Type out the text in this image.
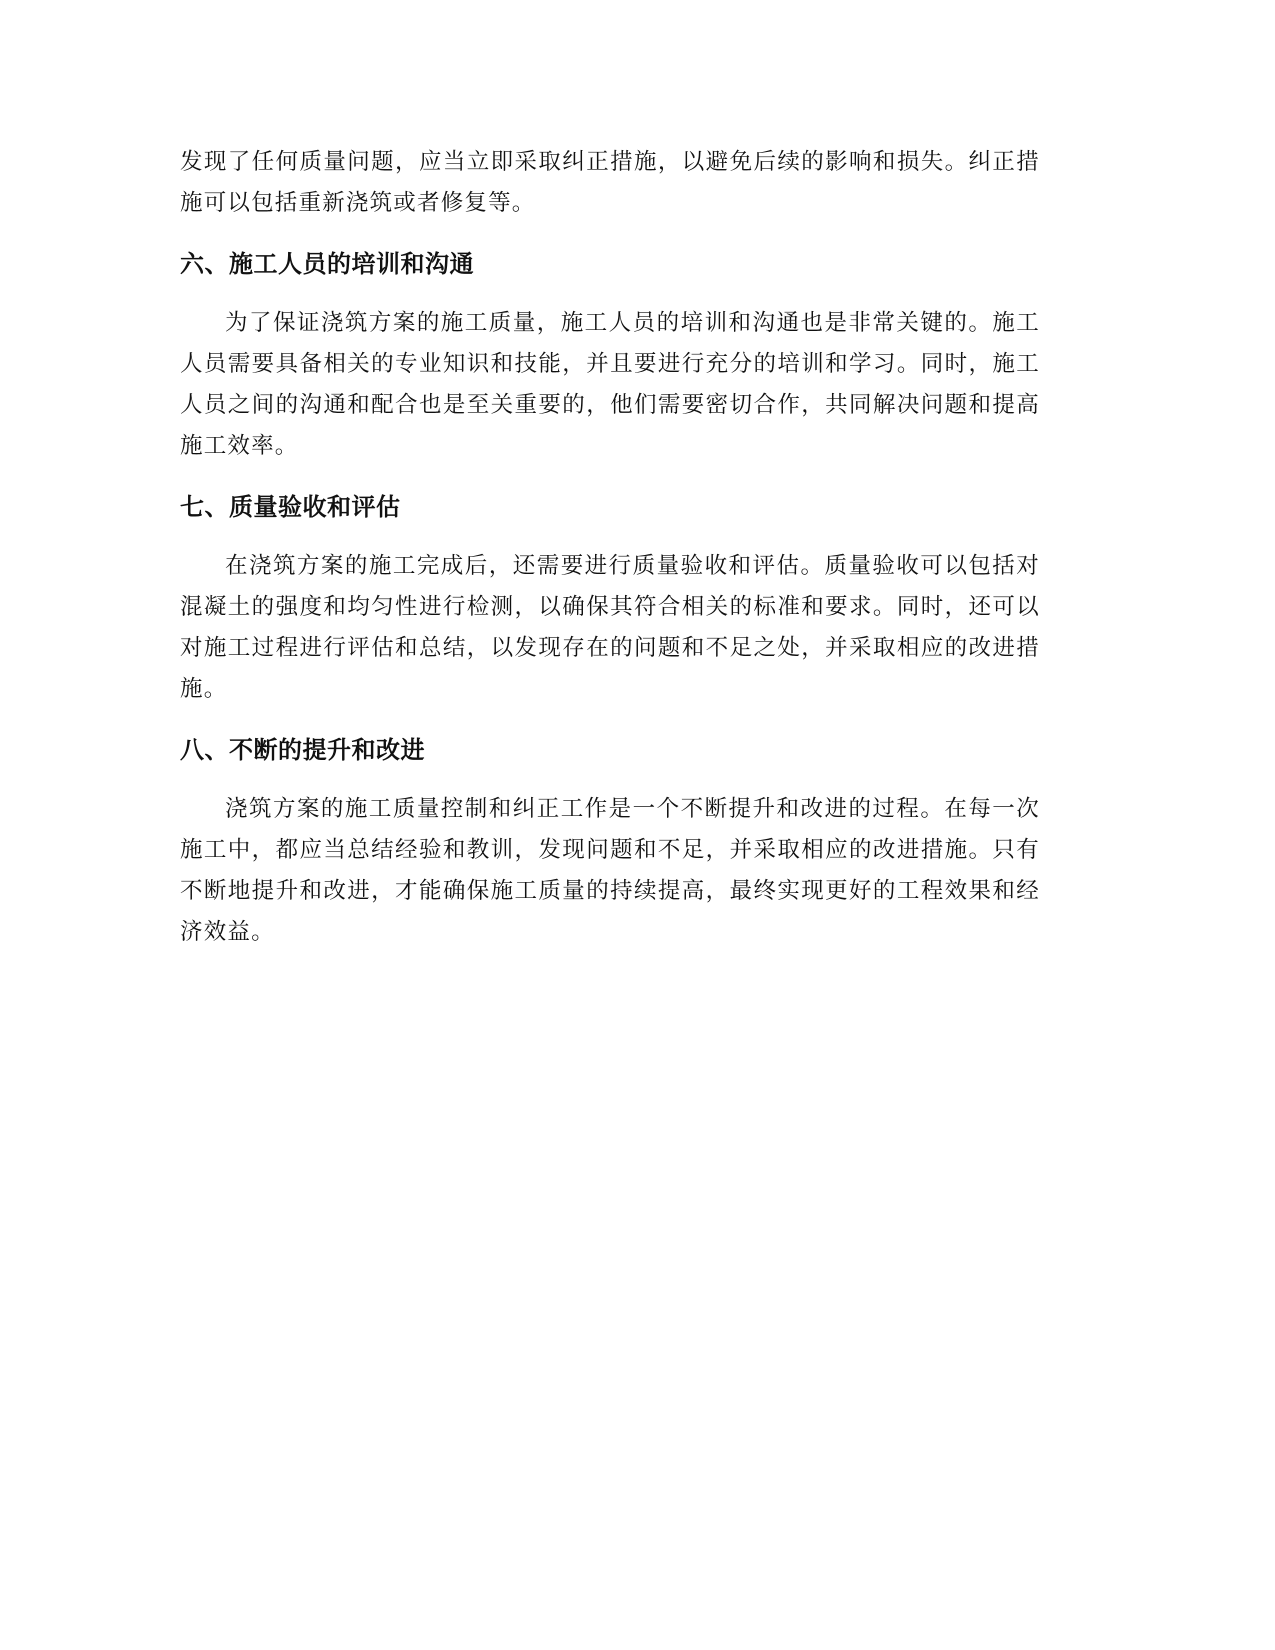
发现了任何质量问题，应当立即采取纠正措施，以避免后续的影响和损失。纠正措施可以包括重新浇筑或者修复等。

六、施工人员的培训和沟通

为了保证浇筑方案的施工质量，施工人员的培训和沟通也是非常关键的。施工人员需要具备相关的专业知识和技能，并且要进行充分的培训和学习。同时，施工人员之间的沟通和配合也是至关重要的，他们需要密切合作，共同解决问题和提高施工效率。

七、质量验收和评估

在浇筑方案的施工完成后，还需要进行质量验收和评估。质量验收可以包括对混凝土的强度和均匀性进行检测，以确保其符合相关的标准和要求。同时，还可以对施工过程进行评估和总结，以发现存在的问题和不足之处，并采取相应的改进措施。

八、不断的提升和改进

浇筑方案的施工质量控制和纠正工作是一个不断提升和改进的过程。在每一次施工中，都应当总结经验和教训，发现问题和不足，并采取相应的改进措施。只有不断地提升和改进，才能确保施工质量的持续提高，最终实现更好的工程效果和经济效益。
